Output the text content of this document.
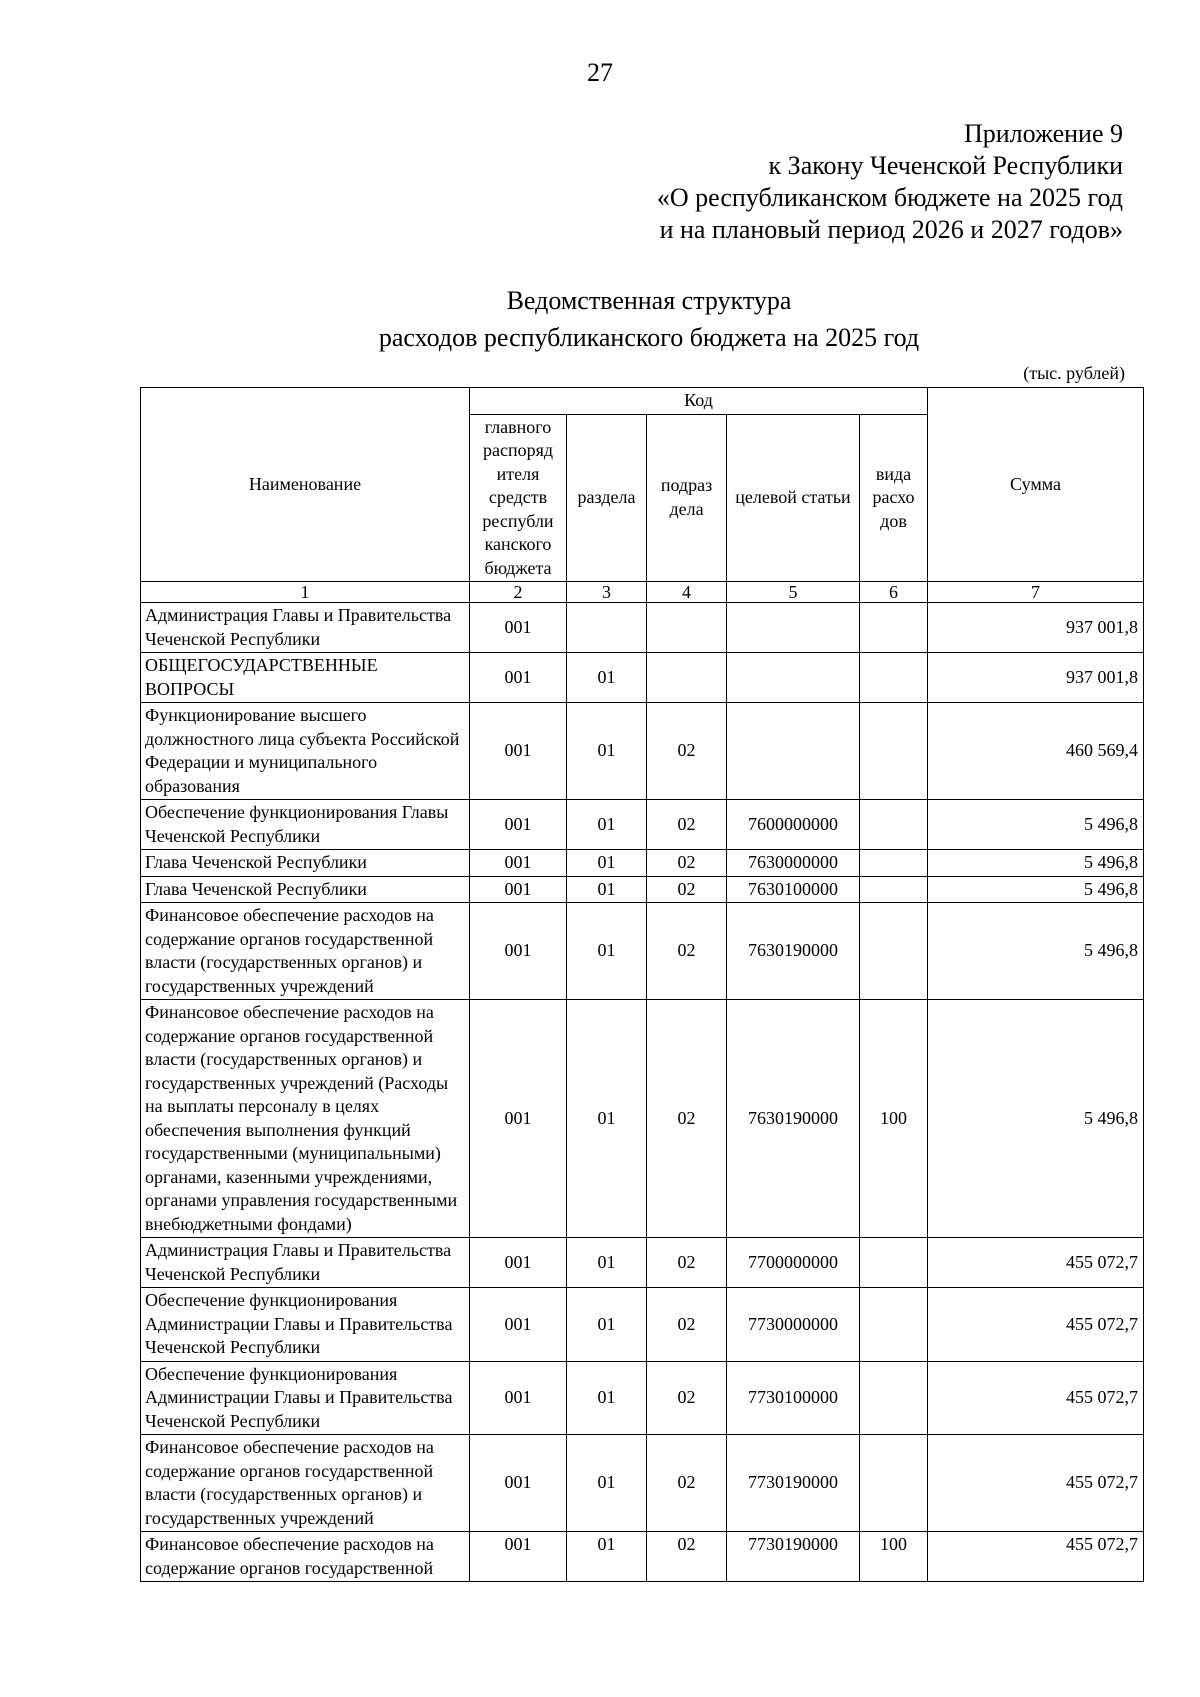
27
Приложение 9
к Закону Чеченской Республики
«О республиканском бюджете на 2025 год
и на плановый период 2026 и 2027 годов»
Ведомственная структура
расходов республиканского бюджета на 2025 год
(тыс. рублей)
Наименование	Код					Сумма
	главного распоряд ителя средств республи канского бюджета	раздела	подраз дела	целевой статьи	вида расхо дов	
1	2	3	4	5	6	7
Администрация Главы и Правительства Чеченской Республики	001					937 001,8
ОБЩЕГОСУДАРСТВЕННЫЕ ВОПРОСЫ	001	01				937 001,8
Функционирование высшего должностного лица субъекта Российской Федерации и муниципального образования	001	01	02			460 569,4
Обеспечение функционирования Главы Чеченской Республики	001	01	02	7600000000		5 496,8
Глава Чеченской Республики	001	01	02	7630000000		5 496,8
Глава Чеченской Республики	001	01	02	7630100000		5 496,8
Финансовое обеспечение расходов на содержание органов государственной власти (государственных органов) и государственных учреждений	001	01	02	7630190000		5 496,8
Финансовое обеспечение расходов на содержание органов государственной власти (государственных органов) и государственных учреждений (Расходы на выплаты персоналу в целях обеспечения выполнения функций государственными (муниципальными) органами, казенными учреждениями, органами управления государственными внебюджетными фондами)	001	01	02	7630190000	100	5 496,8
Администрация Главы и Правительства Чеченской Республики	001	01	02	7700000000		455 072,7
Обеспечение функционирования Администрации Главы и Правительства Чеченской Республики	001	01	02	7730000000		455 072,7
Обеспечение функционирования Администрации Главы и Правительства Чеченской Республики	001	01	02	7730100000		455 072,7
Финансовое обеспечение расходов на содержание органов государственной власти (государственных органов) и государственных учреждений	001	01	02	7730190000		455 072,7
Финансовое обеспечение расходов на содержание органов государственной	001	01	02	7730190000	100	455 072,7
